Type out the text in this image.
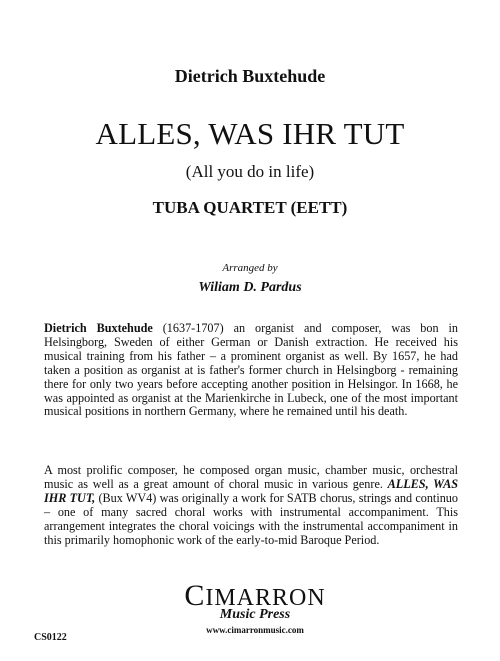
Dietrich Buxtehude
ALLES, WAS IHR TUT
(All you do in life)
TUBA QUARTET (EETT)
Arranged by
Wiliam D. Pardus
Dietrich Buxtehude (1637-1707) an organist and composer, was bon in Helsingborg, Sweden of either German or Danish extraction. He received his musical training from his father – a prominent organist as well. By 1657, he had taken a position as organist at is father's former church in Helsingborg - remaining there for only two years before accepting another position in Helsingor. In 1668, he was appointed as organist at the Marienkirche in Lubeck, one of the most important musical positions in northern Germany, where he remained until his death.
A most prolific composer, he composed organ music, chamber music, orchestral music as well as a great amount of choral music in various genre. ALLES, WAS IHR TUT, (Bux WV4) was originally a work for SATB chorus, strings and continuo – one of many sacred choral works with instrumental accompaniment. This arrangement integrates the choral voicings with the instrumental accompaniment in this primarily homophonic work of the early-to-mid Baroque Period.
CIMARRON
Music Press
www.cimarronmusic.com
CS0122
